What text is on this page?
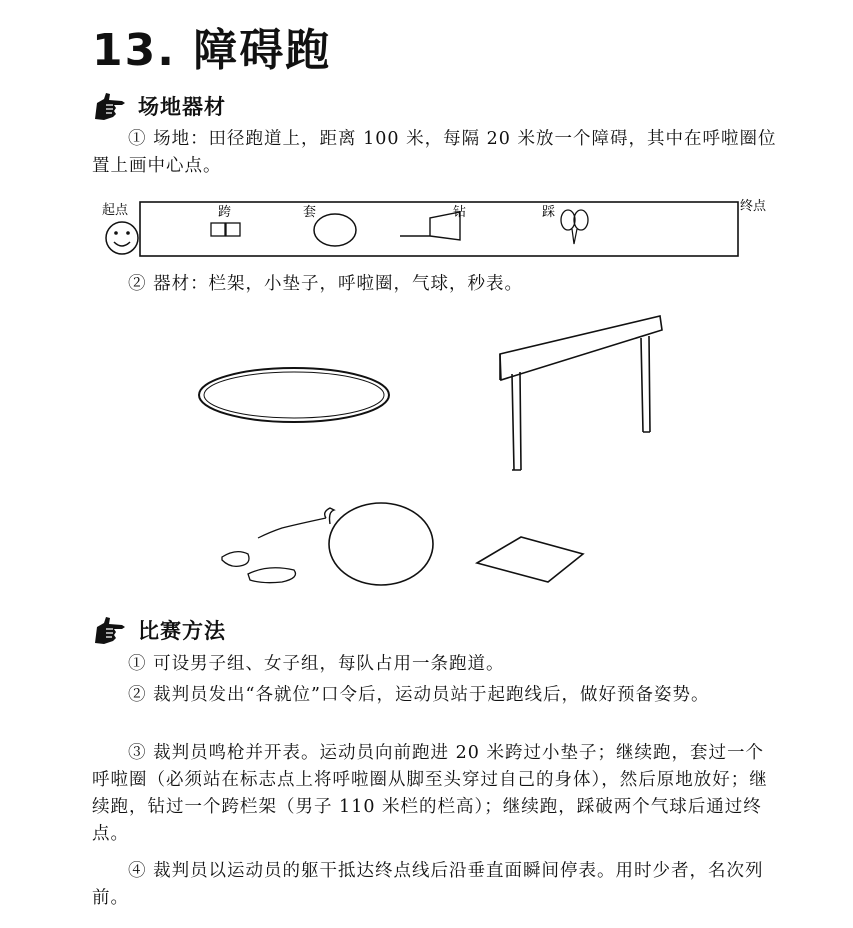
13. 障碍跑
场地器材

① 场地：田径跑道上，距离 100 米，每隔 20 米放一个障碍，其中在呼啦圈位置上画中心点。

起点	终点
跨	套	钻	踩

② 器材：栏架，小垫子，呼啦圈，气球，秒表。

比赛方法

① 可设男子组、女子组，每队占用一条跑道。

② 裁判员发出“各就位”口令后，运动员站于起跑线后，做好预备姿势。

③ 裁判员鸣枪并开表。运动员向前跑进 20 米跨过小垫子；继续跑，套过一个呼啦圈（必须站在标志点上将呼啦圈从脚至头穿过自己的身体），然后原地放好；继续跑，钻过一个跨栏架（男子 110 米栏的栏高）；继续跑，踩破两个气球后通过终点。

④ 裁判员以运动员的躯干抵达终点线后沿垂直面瞬间停表。用时少者，名次列前。
